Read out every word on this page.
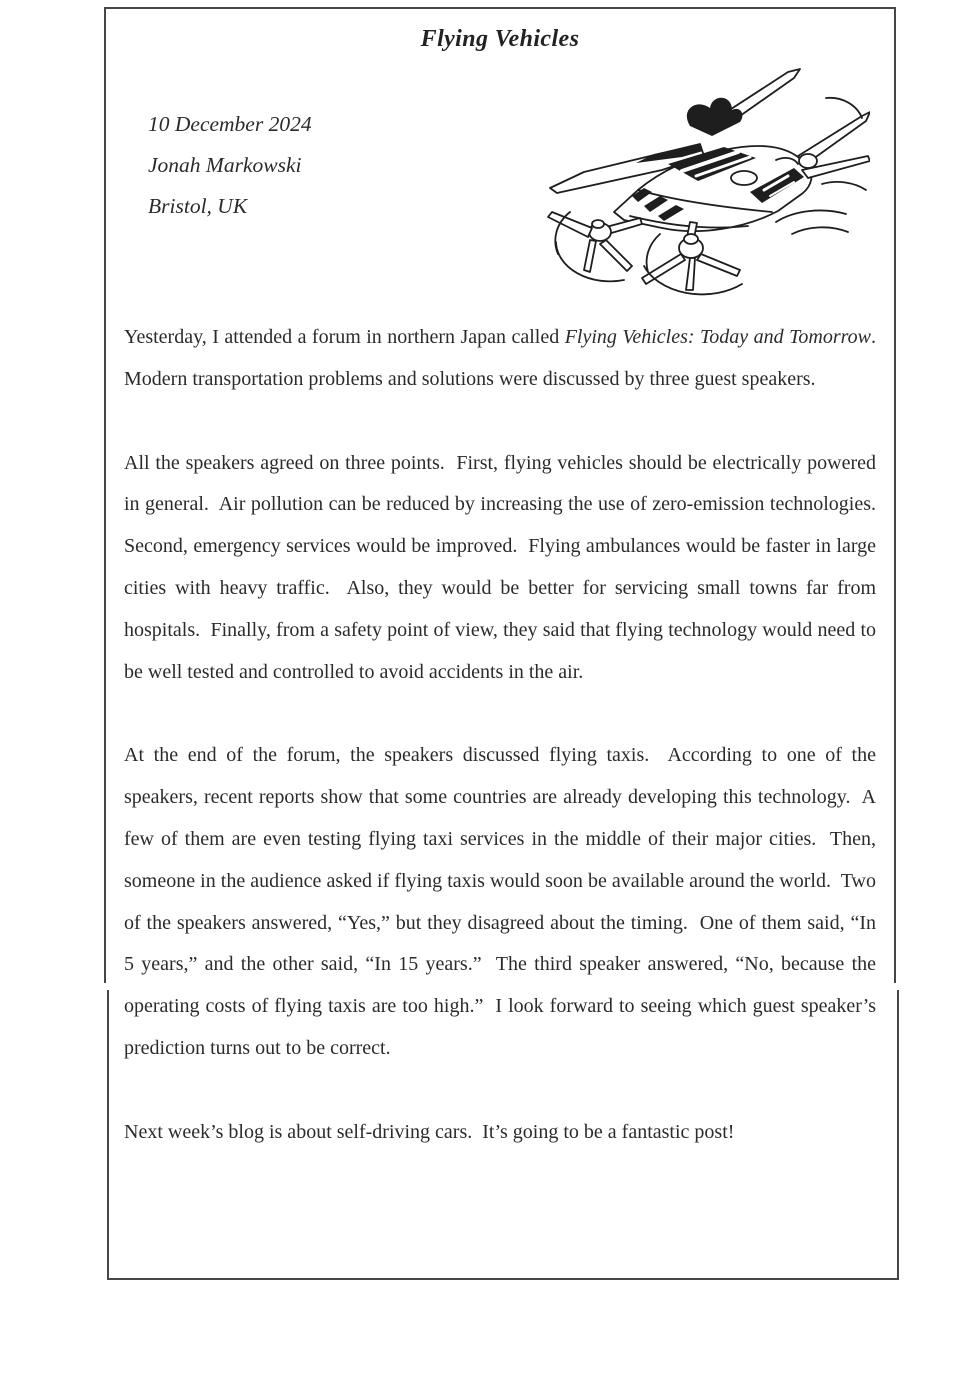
Flying Vehicles
10 December 2024
Jonah Markowski
Bristol, UK

Yesterday, I attended a forum in northern Japan called Flying Vehicles: Today and Tomorrow.  Modern transportation problems and solutions were discussed by three guest speakers.

All the speakers agreed on three points.  First, flying vehicles should be electrically powered in general.  Air pollution can be reduced by increasing the use of zero-emission technologies.  Second, emergency services would be improved.  Flying ambulances would be faster in large cities with heavy traffic.  Also, they would be better for servicing small towns far from hospitals.  Finally, from a safety point of view, they said that flying technology would need to be well tested and controlled to avoid accidents in the air.

At the end of the forum, the speakers discussed flying taxis.  According to one of the speakers, recent reports show that some countries are already developing this technology.  A few of them are even testing flying taxi services in the middle of their major cities.  Then, someone in the audience asked if flying taxis would soon be available around the world.  Two of the speakers answered, “Yes,” but they disagreed about the timing.  One of them said, “In 5 years,” and the other said, “In 15 years.”  The third speaker answered, “No, because the operating costs of flying taxis are too high.”  I look forward to seeing which guest speaker’s prediction turns out to be correct.

Next week’s blog is about self-driving cars.  It’s going to be a fantastic post!
